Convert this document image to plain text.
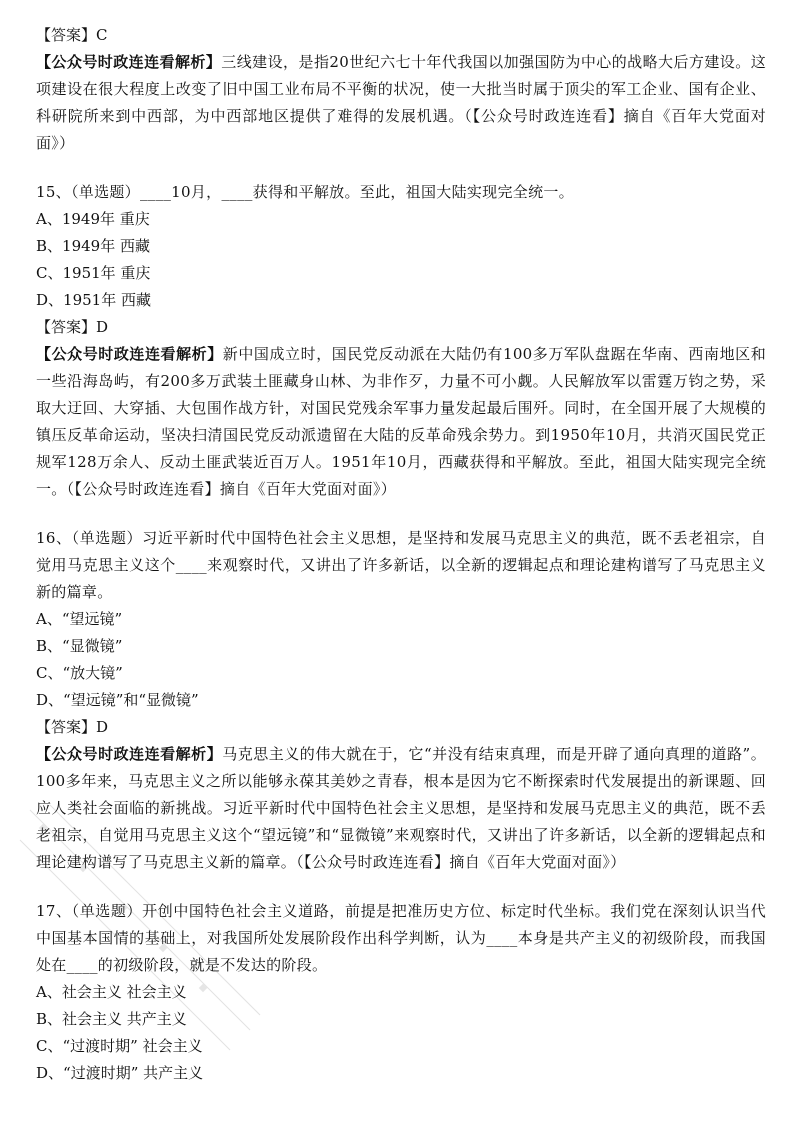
【答案】C

【公众号时政连连看解析】三线建设，是指20世纪六七十年代我国以加强国防为中心的战略大后方建设。这项建设在很大程度上改变了旧中国工业布局不平衡的状况，使一大批当时属于顶尖的军工企业、国有企业、科研院所来到中西部，为中西部地区提供了难得的发展机遇。（【公众号时政连连看】摘自《百年大党面对面》）

15、（单选题）____10月，____获得和平解放。至此，祖国大陆实现完全统一。

A、1949年 重庆

B、1949年 西藏

C、1951年 重庆

D、1951年 西藏

【答案】D

【公众号时政连连看解析】新中国成立时，国民党反动派在大陆仍有100多万军队盘踞在华南、西南地区和一些沿海岛屿，有200多万武装土匪藏身山林、为非作歹，力量不可小觑。人民解放军以雷霆万钧之势，采取大迂回、大穿插、大包围作战方针，对国民党残余军事力量发起最后围歼。同时，在全国开展了大规模的镇压反革命运动，坚决扫清国民党反动派遗留在大陆的反革命残余势力。到1950年10月，共消灭国民党正规军128万余人、反动土匪武装近百万人。1951年10月，西藏获得和平解放。至此，祖国大陆实现完全统一。（【公众号时政连连看】摘自《百年大党面对面》）

16、（单选题）习近平新时代中国特色社会主义思想，是坚持和发展马克思主义的典范，既不丢老祖宗，自觉用马克思主义这个____来观察时代，又讲出了许多新话，以全新的逻辑起点和理论建构谱写了马克思主义新的篇章。

A、“望远镜”

B、“显微镜”

C、“放大镜”

D、“望远镜”和“显微镜”

【答案】D

【公众号时政连连看解析】马克思主义的伟大就在于，它“并没有结束真理，而是开辟了通向真理的道路”。100多年来，马克思主义之所以能够永葆其美妙之青春，根本是因为它不断探索时代发展提出的新课题、回应人类社会面临的新挑战。习近平新时代中国特色社会主义思想，是坚持和发展马克思主义的典范，既不丢老祖宗，自觉用马克思主义这个“望远镜”和“显微镜”来观察时代，又讲出了许多新话，以全新的逻辑起点和理论建构谱写了马克思主义新的篇章。（【公众号时政连连看】摘自《百年大党面对面》）

17、（单选题）开创中国特色社会主义道路，前提是把准历史方位、标定时代坐标。我们党在深刻认识当代中国基本国情的基础上，对我国所处发展阶段作出科学判断，认为____本身是共产主义的初级阶段，而我国处在____的初级阶段，就是不发达的阶段。

A、社会主义 社会主义

B、社会主义 共产主义

C、“过渡时期” 社会主义

D、“过渡时期” 共产主义
